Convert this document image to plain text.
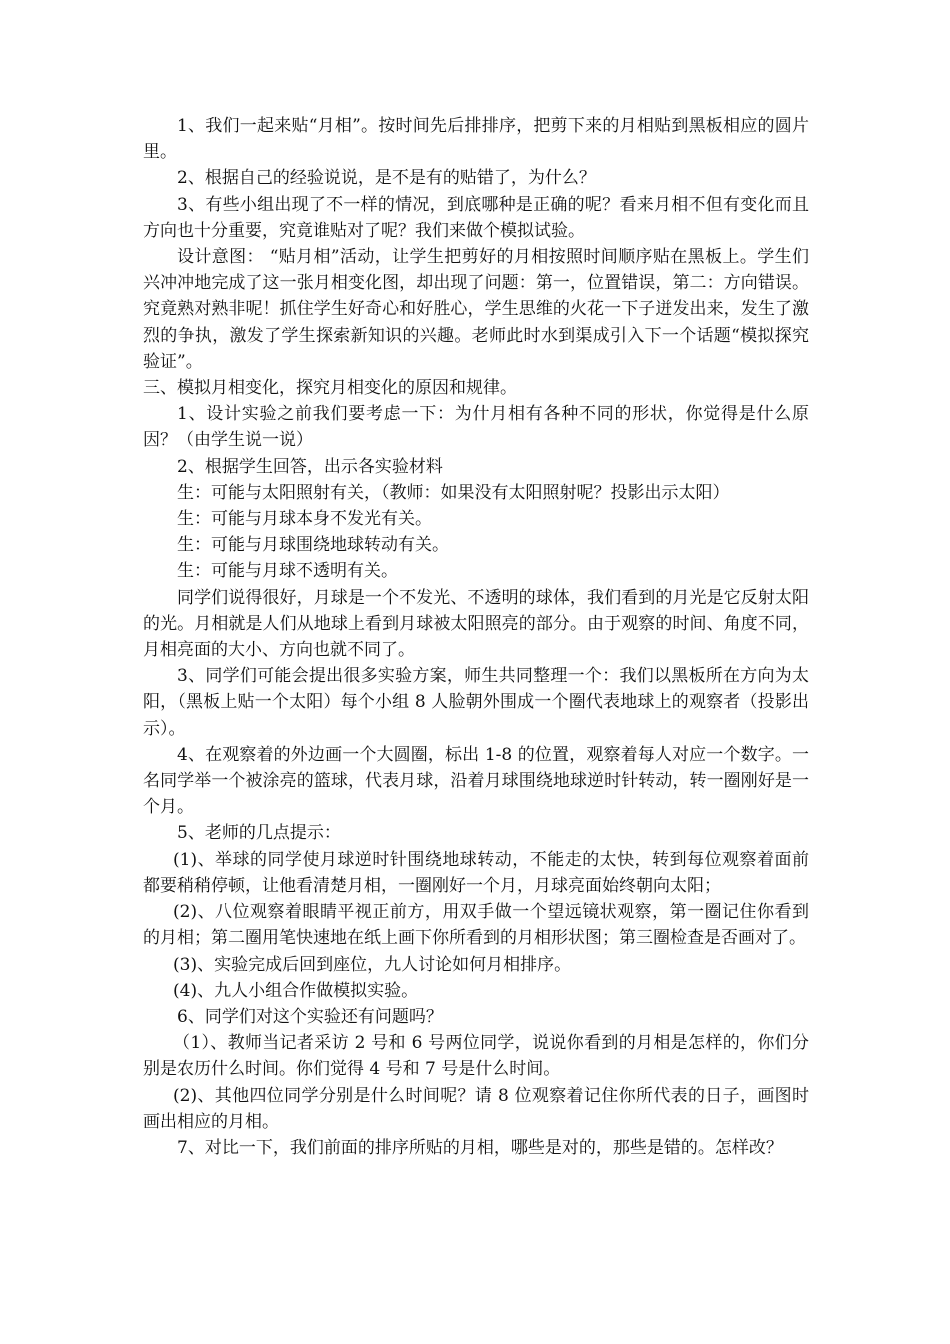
1、我们一起来贴“月相”。按时间先后排排序，把剪下来的月相贴到黑板相应的圆片里。

2、根据自己的经验说说，是不是有的贴错了，为什么？

3、有些小组出现了不一样的情况，到底哪种是正确的呢？看来月相不但有变化而且方向也十分重要，究竟谁贴对了呢？我们来做个模拟试验。

设计意图： “贴月相”活动，让学生把剪好的月相按照时间顺序贴在黑板上。学生们兴冲冲地完成了这一张月相变化图，却出现了问题：第一，位置错误，第二：方向错误。究竟熟对熟非呢！抓住学生好奇心和好胜心，学生思维的火花一下子迸发出来，发生了激烈的争执，激发了学生探索新知识的兴趣。老师此时水到渠成引入下一个话题“模拟探究验证”。

三、模拟月相变化，探究月相变化的原因和规律。

1、设计实验之前我们要考虑一下：为什月相有各种不同的形状，你觉得是什么原因？（由学生说一说）

2、根据学生回答，出示各实验材料

生：可能与太阳照射有关，（教师：如果没有太阳照射呢？投影出示太阳）

生：可能与月球本身不发光有关。

生：可能与月球围绕地球转动有关。

生：可能与月球不透明有关。

同学们说得很好，月球是一个不发光、不透明的球体，我们看到的月光是它反射太阳的光。月相就是人们从地球上看到月球被太阳照亮的部分。由于观察的时间、角度不同，月相亮面的大小、方向也就不同了。

3、同学们可能会提出很多实验方案，师生共同整理一个：我们以黑板所在方向为太阳，（黑板上贴一个太阳）每个小组 8 人脸朝外围成一个圈代表地球上的观察者（投影出示）。

4、在观察着的外边画一个大圆圈，标出 1-8 的位置，观察着每人对应一个数字。一名同学举一个被涂亮的篮球，代表月球，沿着月球围绕地球逆时针转动，转一圈刚好是一个月。

5、老师的几点提示：

(1)、举球的同学使月球逆时针围绕地球转动，不能走的太快，转到每位观察着面前都要稍稍停顿，让他看清楚月相，一圈刚好一个月，月球亮面始终朝向太阳；

(2)、八位观察着眼睛平视正前方，用双手做一个望远镜状观察，第一圈记住你看到的月相；第二圈用笔快速地在纸上画下你所看到的月相形状图；第三圈检查是否画对了。

(3)、实验完成后回到座位，九人讨论如何月相排序。

(4)、九人小组合作做模拟实验。

6、同学们对这个实验还有问题吗？

（1）、教师当记者采访 2 号和 6 号两位同学，说说你看到的月相是怎样的，你们分别是农历什么时间。你们觉得 4 号和 7 号是什么时间。

(2)、其他四位同学分别是什么时间呢？请 8 位观察着记住你所代表的日子，画图时画出相应的月相。

7、对比一下，我们前面的排序所贴的月相，哪些是对的，那些是错的。怎样改？
